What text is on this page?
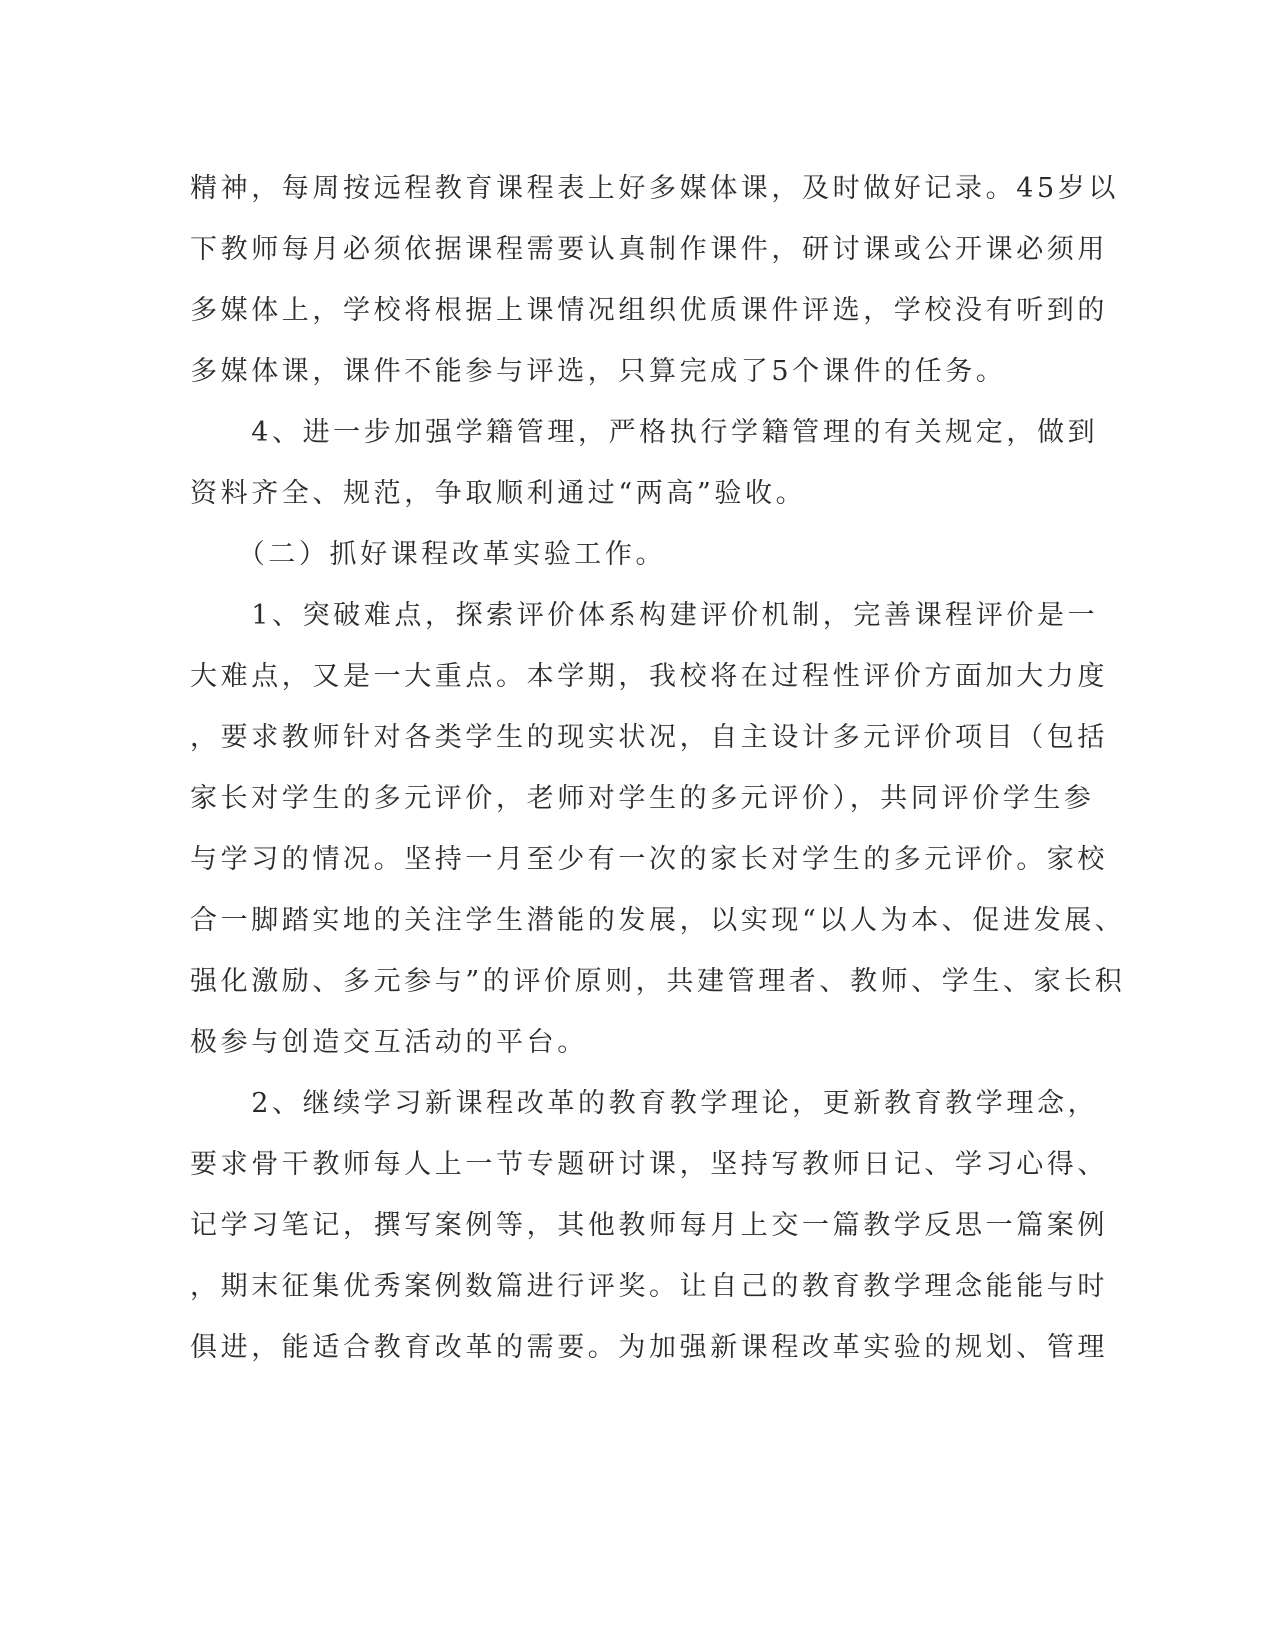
精神，每周按远程教育课程表上好多媒体课，及时做好记录。45岁以
下教师每月必须依据课程需要认真制作课件，研讨课或公开课必须用
多媒体上，学校将根据上课情况组织优质课件评选，学校没有听到的
多媒体课，课件不能参与评选，只算完成了5个课件的任务。
　　4、进一步加强学籍管理，严格执行学籍管理的有关规定，做到
资料齐全、规范，争取顺利通过“两高”验收。
　　（二）抓好课程改革实验工作。
　　1、突破难点，探索评价体系构建评价机制，完善课程评价是一
大难点，又是一大重点。本学期，我校将在过程性评价方面加大力度
，要求教师针对各类学生的现实状况，自主设计多元评价项目（包括
家长对学生的多元评价，老师对学生的多元评价），共同评价学生参
与学习的情况。坚持一月至少有一次的家长对学生的多元评价。家校
合一脚踏实地的关注学生潜能的发展，以实现“以人为本、促进发展、
强化激励、多元参与”的评价原则，共建管理者、教师、学生、家长积
极参与创造交互活动的平台。
　　2、继续学习新课程改革的教育教学理论，更新教育教学理念，
要求骨干教师每人上一节专题研讨课，坚持写教师日记、学习心得、
记学习笔记，撰写案例等，其他教师每月上交一篇教学反思一篇案例
，期末征集优秀案例数篇进行评奖。让自己的教育教学理念能能与时
俱进，能适合教育改革的需要。为加强新课程改革实验的规划、管理
